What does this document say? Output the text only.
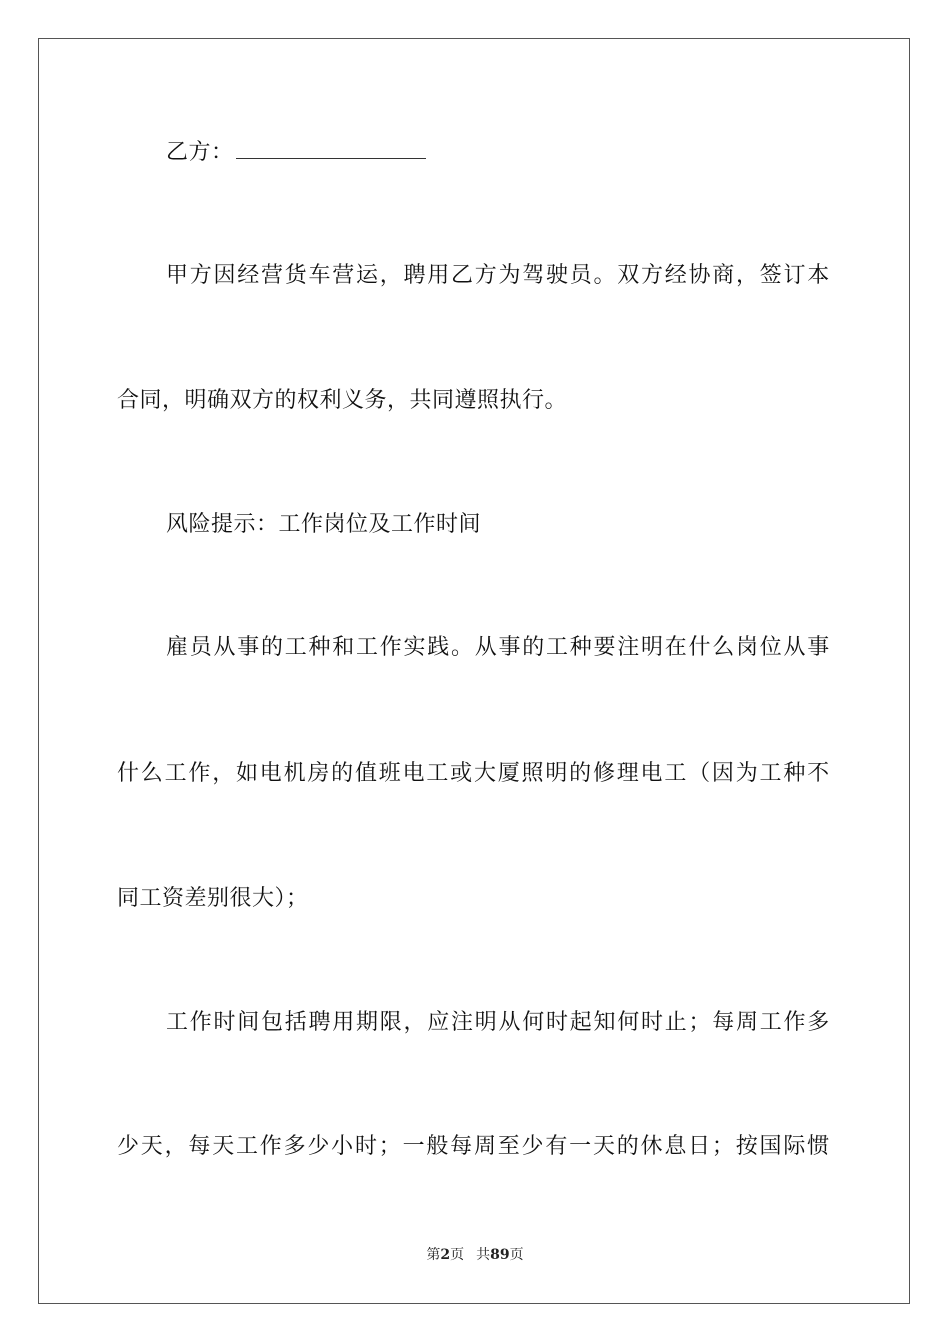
乙方：
甲 方 因 经 营 货 车 营 运 ， 聘 用 乙 方 为 驾 驶 员 。 双 方 经 协 商 ， 签 订 本
合同，明确双方的权利义务，共同遵照执行。
风险提示：工作岗位及工作时间
雇 员 从 事 的 工 种 和 工 作 实 践 。 从 事 的 工 种 要 注 明 在 什 么 岗 位 从 事
什 么 工 作 ， 如 电 机 房 的 值 班 电 工 或 大 厦 照 明 的 修 理 电 工 （ 因 为 工 种 不
同工资差别很大）；
工 作 时 间 包 括 聘 用 期 限 ， 应 注 明 从 何 时 起 知 何 时 止 ； 每 周 工 作 多
少 天 ， 每 天 工 作 多 少 小 时 ； 一 般 每 周 至 少 有 一 天 的 休 息 日 ； 按 国 际 惯
第2页 共89页
